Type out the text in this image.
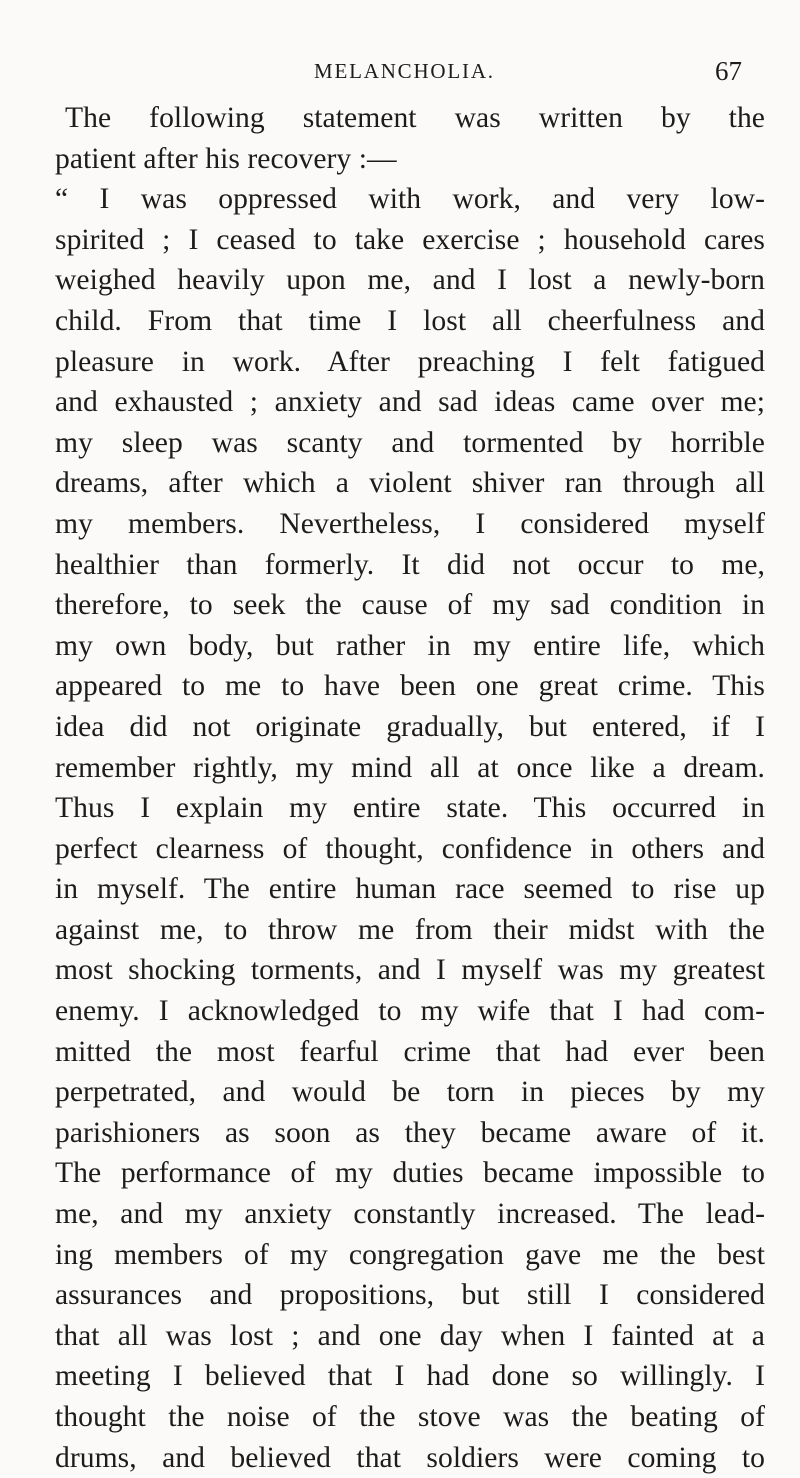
MELANCHOLIA.	67
The following statement was written by the
patient after his recovery :—
“ I was oppressed with work, and very low-
spirited ; I ceased to take exercise ; household cares
weighed heavily upon me, and I lost a newly-born
child. From that time I lost all cheerfulness and
pleasure in work. After preaching I felt fatigued
and exhausted ; anxiety and sad ideas came over me;
my sleep was scanty and tormented by horrible
dreams, after which a violent shiver ran through all
my members. Nevertheless, I considered myself
healthier than formerly. It did not occur to me,
therefore, to seek the cause of my sad condition in
my own body, but rather in my entire life, which
appeared to me to have been one great crime. This
idea did not originate gradually, but entered, if I
remember rightly, my mind all at once like a dream.
Thus I explain my entire state. This occurred in
perfect clearness of thought, confidence in others and
in myself. The entire human race seemed to rise up
against me, to throw me from their midst with the
most shocking torments, and I myself was my greatest
enemy. I acknowledged to my wife that I had com-
mitted the most fearful crime that had ever been
perpetrated, and would be torn in pieces by my
parishioners as soon as they became aware of it.
The performance of my duties became impossible to
me, and my anxiety constantly increased. The lead-
ing members of my congregation gave me the best
assurances and propositions, but still I considered
that all was lost ; and one day when I fainted at a
meeting I believed that I had done so willingly. I
thought the noise of the stove was the beating of
drums, and believed that soldiers were coming to
